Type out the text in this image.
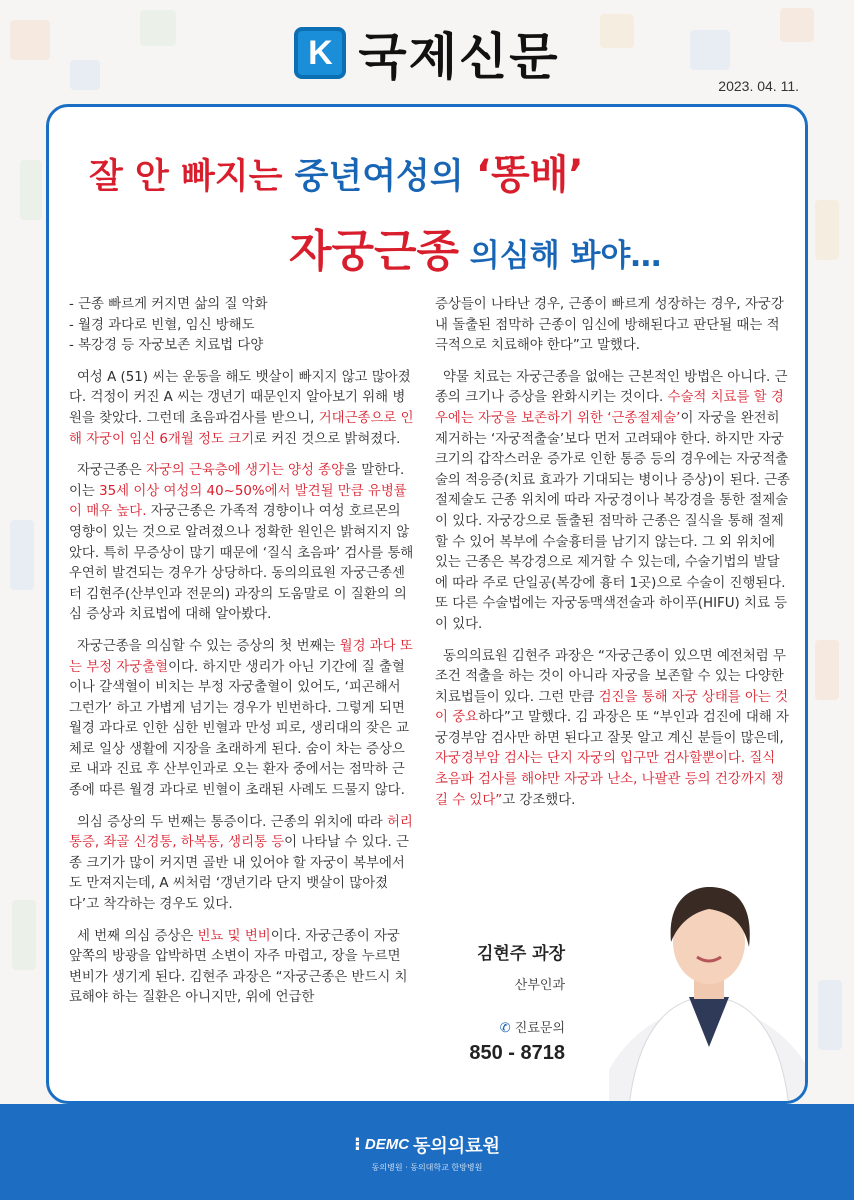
K 국제신문	2023. 04. 11.
잘 안 빠지는 중년여성의 ‘똥배’
자궁근종 의심해 봐야…

- 근종 빠르게 커지면 삶의 질 악화
- 월경 과다로 빈혈, 임신 방해도
- 복강경 등 자궁보존 치료법 다양

여성 A (51) 씨는 운동을 해도 뱃살이 빠지지 않고 많아졌다. 걱정이 커진 A 씨는 갱년기 때문인지 알아보기 위해 병원을 찾았다. 그런데 초음파검사를 받으니, 거대근종으로 인해 자궁이 임신 6개월 정도 크기로 커진 것으로 밝혀졌다.

자궁근종은 자궁의 근육층에 생기는 양성 종양을 말한다. 이는 35세 이상 여성의 40~50%에서 발견될 만큼 유병률이 매우 높다. 자궁근종은 가족적 경향이나 여성 호르몬의 영향이 있는 것으로 알려졌으나 정확한 원인은 밝혀지지 않았다. 특히 무증상이 많기 때문에 ‘질식 초음파’ 검사를 통해 우연히 발견되는 경우가 상당하다. 동의의료원 자궁근종센터 김현주(산부인과 전문의) 과장의 도움말로 이 질환의 의심 증상과 치료법에 대해 알아봤다.

자궁근종을 의심할 수 있는 증상의 첫 번째는 월경 과다 또는 부정 자궁출혈이다. 하지만 생리가 아닌 기간에 질 출혈이나 갈색혈이 비치는 부정 자궁출혈이 있어도, ‘피곤해서 그런가’ 하고 가볍게 넘기는 경우가 빈번하다. 그렇게 되면 월경 과다로 인한 심한 빈혈과 만성 피로, 생리대의 잦은 교체로 일상 생활에 지장을 초래하게 된다. 숨이 차는 증상으로 내과 진료 후 산부인과로 오는 환자 중에서는 점막하 근종에 따른 월경 과다로 빈혈이 초래된 사례도 드물지 않다.

의심 증상의 두 번째는 통증이다. 근종의 위치에 따라 허리 통증, 좌골 신경통, 하복통, 생리통 등이 나타날 수 있다. 근종 크기가 많이 커지면 골반 내 있어야 할 자궁이 복부에서도 만져지는데, A 씨처럼 ‘갱년기라 단지 뱃살이 많아졌다’고 착각하는 경우도 있다.

세 번째 의심 증상은 빈뇨 및 변비이다. 자궁근종이 자궁 앞쪽의 방광을 압박하면 소변이 자주 마렵고, 장을 누르면 변비가 생기게 된다. 김현주 과장은 “자궁근종은 반드시 치료해야 하는 질환은 아니지만, 위에 언급한

증상들이 나타난 경우, 근종이 빠르게 성장하는 경우, 자궁강 내 돌출된 점막하 근종이 임신에 방해된다고 판단될 때는 적극적으로 치료해야 한다”고 말했다.

약물 치료는 자궁근종을 없애는 근본적인 방법은 아니다. 근종의 크기나 증상을 완화시키는 것이다. 수술적 치료를 할 경우에는 자궁을 보존하기 위한 ‘근종절제술’이 자궁을 완전히 제거하는 ‘자궁적출술’보다 먼저 고려돼야 한다. 하지만 자궁 크기의 갑작스러운 증가로 인한 통증 등의 경우에는 자궁적출술의 적응증(치료 효과가 기대되는 병이나 증상)이 된다. 근종절제술도 근종 위치에 따라 자궁경이나 복강경을 통한 절제술이 있다. 자궁강으로 돌출된 점막하 근종은 질식을 통해 절제할 수 있어 복부에 수술흉터를 남기지 않는다. 그 외 위치에 있는 근종은 복강경으로 제거할 수 있는데, 수술기법의 발달에 따라 주로 단일공(복강에 흉터 1곳)으로 수술이 진행된다. 또 다른 수술법에는 자궁동맥색전술과 하이푸(HIFU) 치료 등이 있다.

동의의료원 김현주 과장은 “자궁근종이 있으면 예전처럼 무조건 적출을 하는 것이 아니라 자궁을 보존할 수 있는 다양한 치료법들이 있다. 그런 만큼 검진을 통해 자궁 상태를 아는 것이 중요하다”고 말했다. 김 과장은 또 “부인과 검진에 대해 자궁경부암 검사만 하면 된다고 잘못 알고 계신 분들이 많은데, 자궁경부암 검사는 단지 자궁의 입구만 검사할뿐이다. 질식 초음파 검사를 해야만 자궁과 난소, 나팔관 등의 건강까지 챙길 수 있다”고 강조했다.

김현주 과장
산부인과
✆ 진료문의
850 - 8718
⁝ DEMC 동의의료원
동의병원 · 동의대학교 한방병원
